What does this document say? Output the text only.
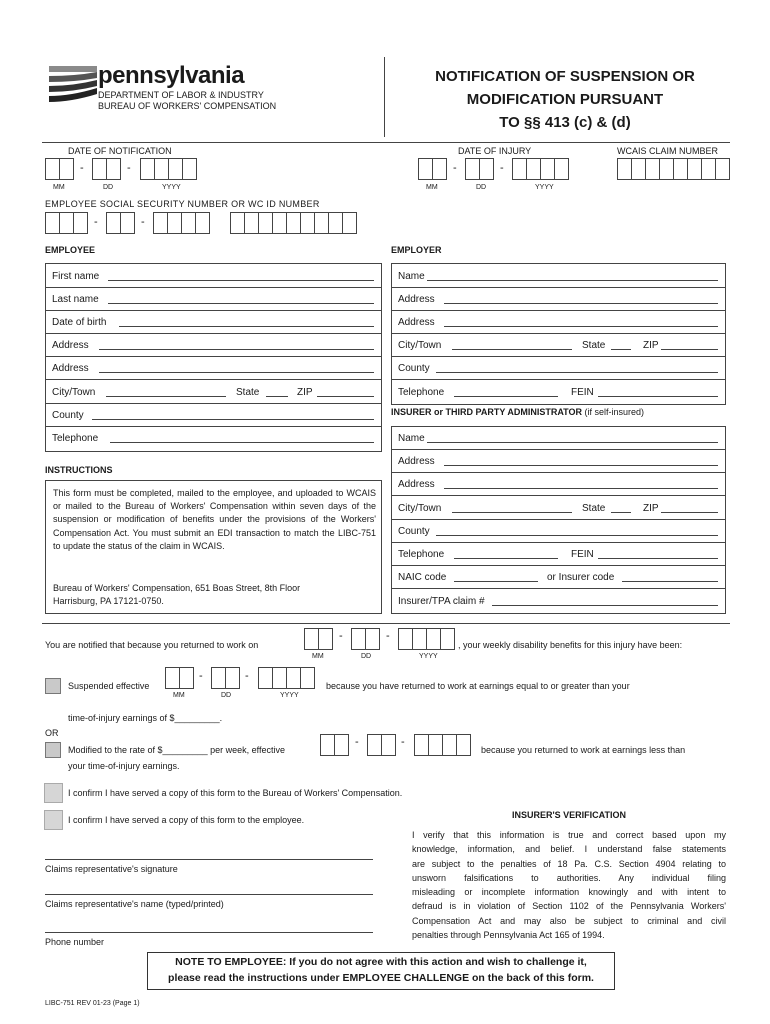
pennsylvania
DEPARTMENT OF LABOR & INDUSTRY
BUREAU OF WORKERS' COMPENSATION
NOTIFICATION OF SUSPENSION OR
MODIFICATION PURSUANT
TO §§ 413 (c) & (d)
DATE OF NOTIFICATION
-	-
MM	DD	YYYY
DATE OF INJURY
-	-
MM	DD	YYYY
WCAIS CLAIM NUMBER
EMPLOYEE SOCIAL SECURITY NUMBER OR WC ID NUMBER
-	-
EMPLOYEE	EMPLOYER
First name
Last name
Date of birth
Address
Address
City/Town	State	ZIP
County
Telephone
Name
Address
Address
City/Town	State	ZIP
County
Telephone	FEIN
INSURER or THIRD PARTY ADMINISTRATOR (if self-insured)
Name
Address
Address
City/Town	State	ZIP
County
Telephone	FEIN
NAIC code	or Insurer code
Insurer/TPA claim #
INSTRUCTIONS
This form must be completed, mailed to the employee, and uploaded to WCAIS or mailed to the Bureau of Workers' Compensation within seven days of the suspension or modification of benefits under the provisions of the Workers' Compensation Act. You must submit an EDI transaction to match the LIBC-751 to update the status of the claim in WCAIS.
Bureau of Workers' Compensation, 651 Boas Street, 8th Floor
Harrisburg, PA 17121-0750.
You are notified that because you returned to work on
-	-
MM	DD	YYYY
, your weekly disability benefits for this injury have been:
Suspended effective
-	-
MM	DD	YYYY
because you have returned to work at earnings equal to or greater than your
time-of-injury earnings of $_________.
OR
Modified to the rate of $_________ per week, effective
-	-
because you returned to work at earnings less than
your time-of-injury earnings.
I confirm I have served a copy of this form to the Bureau of Workers' Compensation.
I confirm I have served a copy of this form to the employee.
Claims representative's signature
Claims representative's name (typed/printed)
Phone number
INSURER'S VERIFICATION
I verify that this information is true and correct based upon my
knowledge, information, and belief. I understand false statements
are subject to the penalties of 18 Pa. C.S. Section 4904 relating to
unsworn falsifications to authorities. Any individual filing
misleading or incomplete information knowingly and with intent to
defraud is in violation of Section 1102 of the Pennsylvania Workers'
Compensation Act and may also be subject to criminal and civil
penalties through Pennsylvania Act 165 of 1994.
NOTE TO EMPLOYEE: If you do not agree with this action and wish to challenge it,
please read the instructions under EMPLOYEE CHALLENGE on the back of this form.
LIBC-751 REV 01-23 (Page 1)
